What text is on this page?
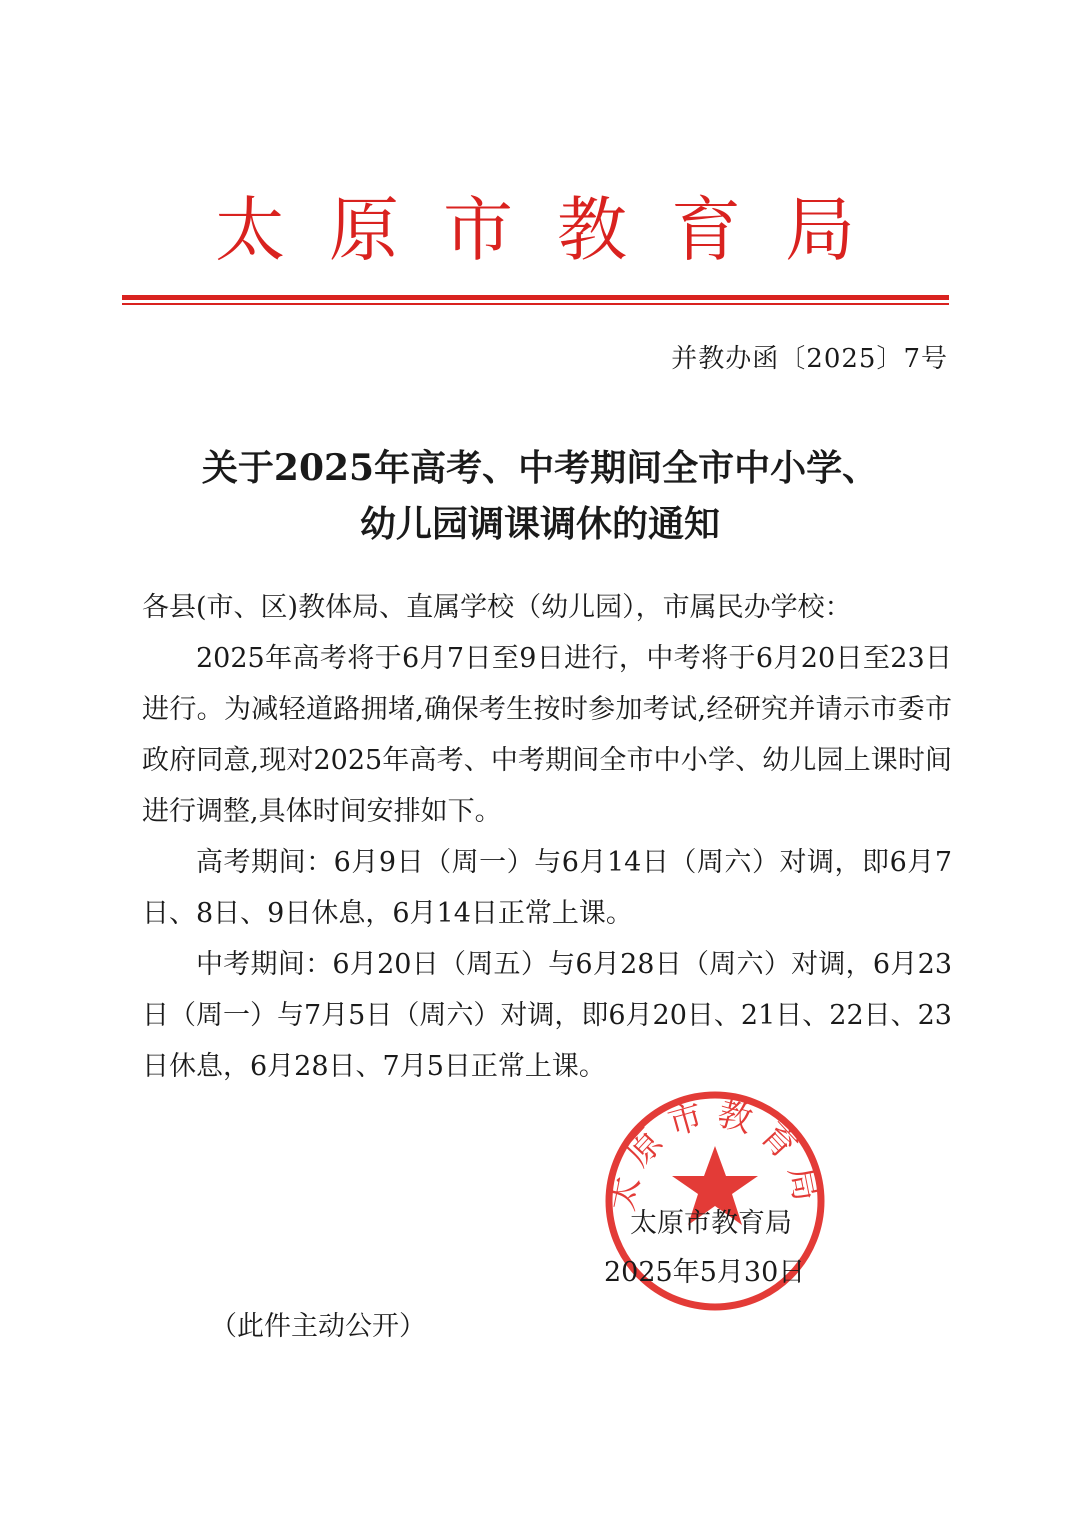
太原市教育局
并教办函〔2025〕7号
关于2025年高考、中考期间全市中小学、
幼儿园调课调休的通知

各县(市、区)教体局、直属学校（幼儿园），市属民办学校：

2025年高考将于6月7日至9日进行，中考将于6月20日至23日进行。为减轻道路拥堵,确保考生按时参加考试,经研究并请示市委市政府同意,现对2025年高考、中考期间全市中小学、幼儿园上课时间进行调整,具体时间安排如下。

高考期间：6月9日（周一）与6月14日（周六）对调，即6月7日、8日、9日休息，6月14日正常上课。

中考期间：6月20日（周五）与6月28日（周六）对调，6月23日（周一）与7月5日（周六）对调，即6月20日、21日、22日、23日休息，6月28日、7月5日正常上课。

太原市教育局
太原市教育局
2025年5月30日
（此件主动公开）
